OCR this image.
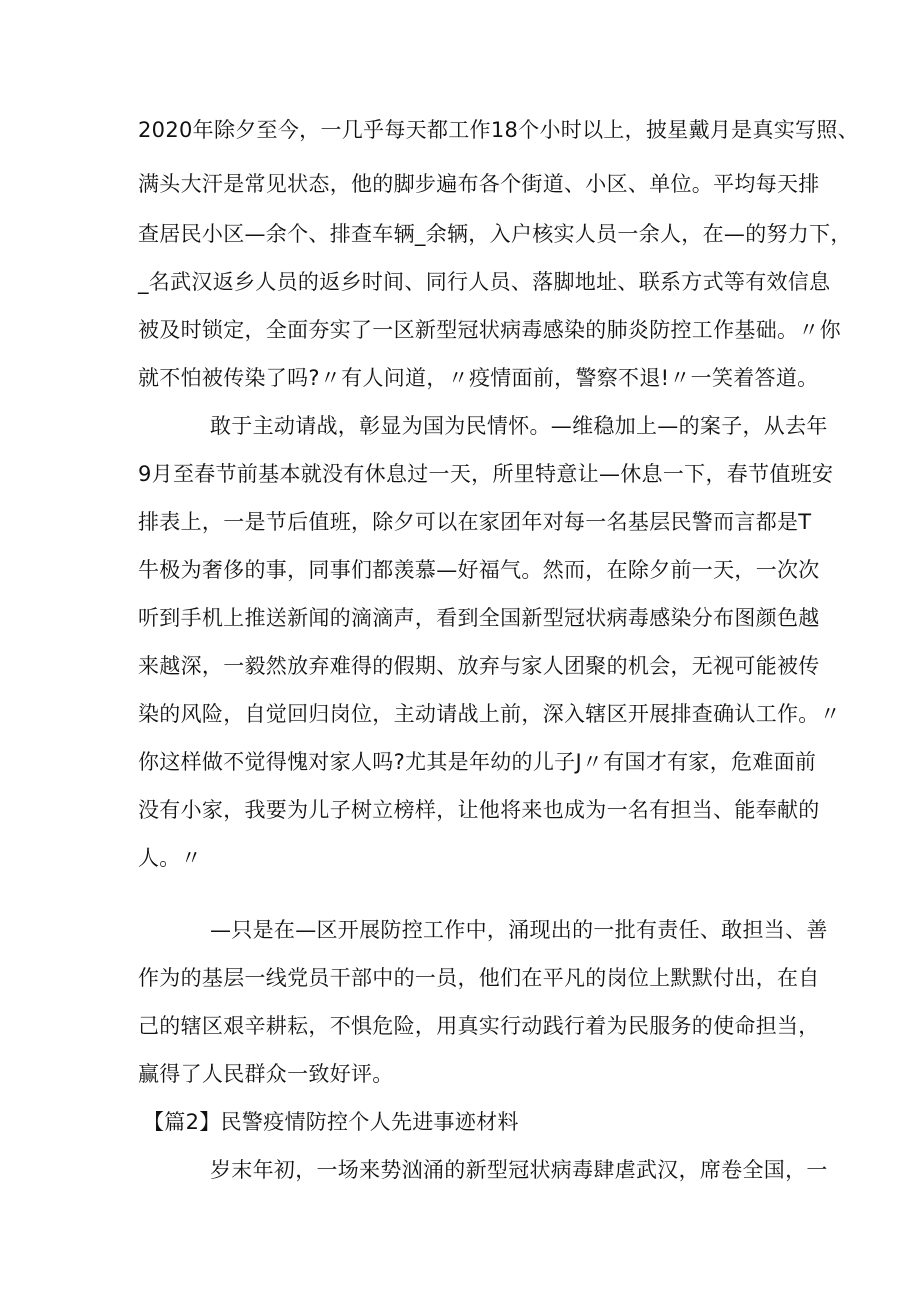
2020年除夕至今，一几乎每天都工作18个小时以上，披星戴月是真实写照、
满头大汗是常见状态，他的脚步遍布各个街道、小区、单位。平均每天排
查居民小区—余个、排查车辆_余辆，入户核实人员一余人，在—的努力下，
_名武汉返乡人员的返乡时间、同行人员、落脚地址、联系方式等有效信息
被及时锁定，全面夯实了一区新型冠状病毒感染的肺炎防控工作基础。〃你
就不怕被传染了吗?〃有人问道，〃疫情面前，警察不退!〃一笑着答道。
敢于主动请战，彰显为国为民情怀。—维稳加上—的案子，从去年
9月至春节前基本就没有休息过一天，所里特意让—休息一下，春节值班安
排表上，一是节后值班，除夕可以在家团年对每一名基层民警而言都是T
牛极为奢侈的事，同事们都羡慕—好福气。然而，在除夕前一天，一次次
听到手机上推送新闻的滴滴声，看到全国新型冠状病毒感染分布图颜色越
来越深，一毅然放弃难得的假期、放弃与家人团聚的机会，无视可能被传
染的风险，自觉回归岗位，主动请战上前，深入辖区开展排查确认工作。〃
你这样做不觉得愧对家人吗?尤其是年幼的儿子J〃有国才有家，危难面前
没有小家，我要为儿子树立榜样，让他将来也成为一名有担当、能奉献的
人。〃
—只是在—区开展防控工作中，涌现出的一批有责任、敢担当、善
作为的基层一线党员干部中的一员，他们在平凡的岗位上默默付出，在自
己的辖区艰辛耕耘，不惧危险，用真实行动践行着为民服务的使命担当，
赢得了人民群众一致好评。
【篇2】民警疫情防控个人先进事迹材料
岁末年初，一场来势汹涌的新型冠状病毒肆虐武汉，席卷全国，一
